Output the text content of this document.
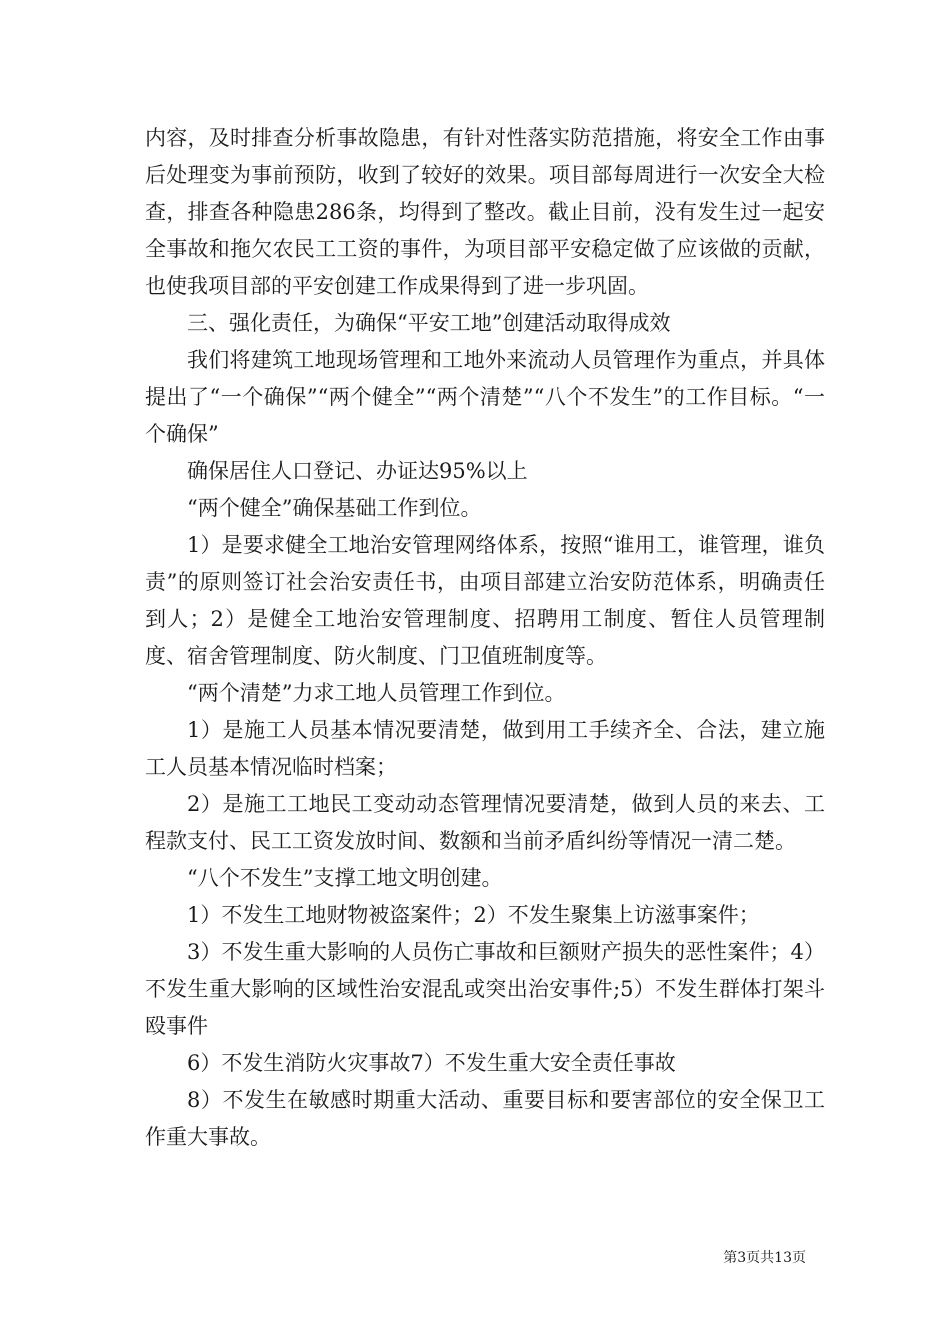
内容，及时排查分析事故隐患，有针对性落实防范措施，将安全工作由事后处理变为事前预防，收到了较好的效果。项目部每周进行一次安全大检查，排查各种隐患286条，均得到了整改。截止目前，没有发生过一起安全事故和拖欠农民工工资的事件，为项目部平安稳定做了应该做的贡献，也使我项目部的平安创建工作成果得到了进一步巩固。

三、强化责任，为确保“平安工地”创建活动取得成效

我们将建筑工地现场管理和工地外来流动人员管理作为重点，并具体提出了“一个确保”“两个健全”“两个清楚”“八个不发生”的工作目标。“一个确保”

确保居住人口登记、办证达95%以上

“两个健全”确保基础工作到位。

1）是要求健全工地治安管理网络体系，按照“谁用工，谁管理，谁负责”的原则签订社会治安责任书，由项目部建立治安防范体系，明确责任到人；2）是健全工地治安管理制度、招聘用工制度、暂住人员管理制度、宿舍管理制度、防火制度、门卫值班制度等。

“两个清楚”力求工地人员管理工作到位。

1）是施工人员基本情况要清楚，做到用工手续齐全、合法，建立施工人员基本情况临时档案；

2）是施工工地民工变动动态管理情况要清楚，做到人员的来去、工程款支付、民工工资发放时间、数额和当前矛盾纠纷等情况一清二楚。

“八个不发生”支撑工地文明创建。

1）不发生工地财物被盗案件；2）不发生聚集上访滋事案件；

3）不发生重大影响的人员伤亡事故和巨额财产损失的恶性案件；4）不发生重大影响的区域性治安混乱或突出治安事件;5）不发生群体打架斗殴事件

6）不发生消防火灾事故7）不发生重大安全责任事故

8）不发生在敏感时期重大活动、重要目标和要害部位的安全保卫工作重大事故。

第3页共13页
